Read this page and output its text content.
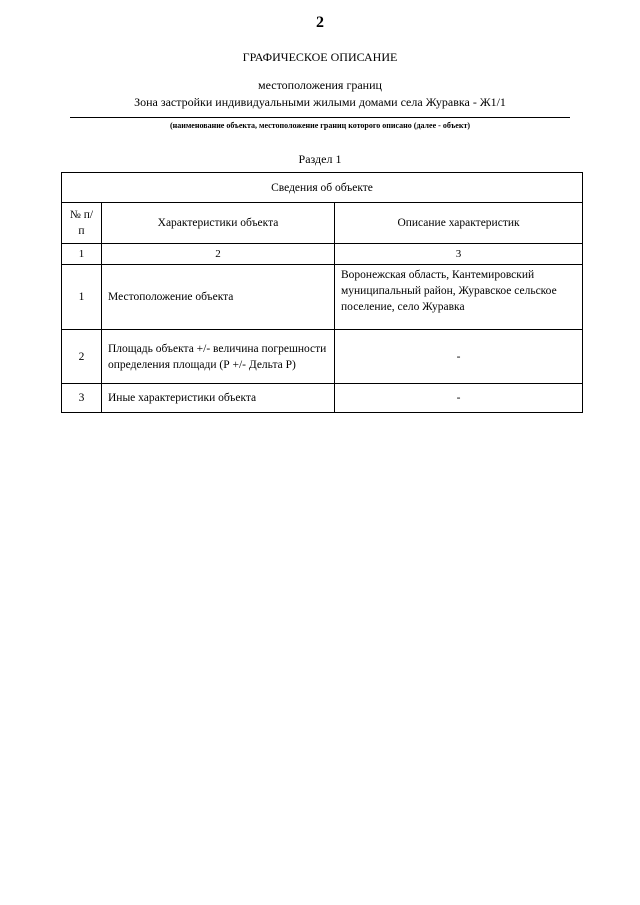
2
ГРАФИЧЕСКОЕ ОПИСАНИЕ
местоположения границ
Зона застройки индивидуальными жилыми домами села Журавка - Ж1/1
(наименование объекта, местоположение границ которого описано (далее - объект)
Раздел 1
Сведения об объекте		
№ п/п	Характеристики объекта	Описание характеристик
1	2	3
1	Местоположение объекта	Воронежская область, Кантемировский муниципальный район, Журавское сельское поселение, село Журавка
2	Площадь объекта +/- величина погрешности определения площади (Р +/- Дельта Р)	-
3	Иные характеристики объекта	-
